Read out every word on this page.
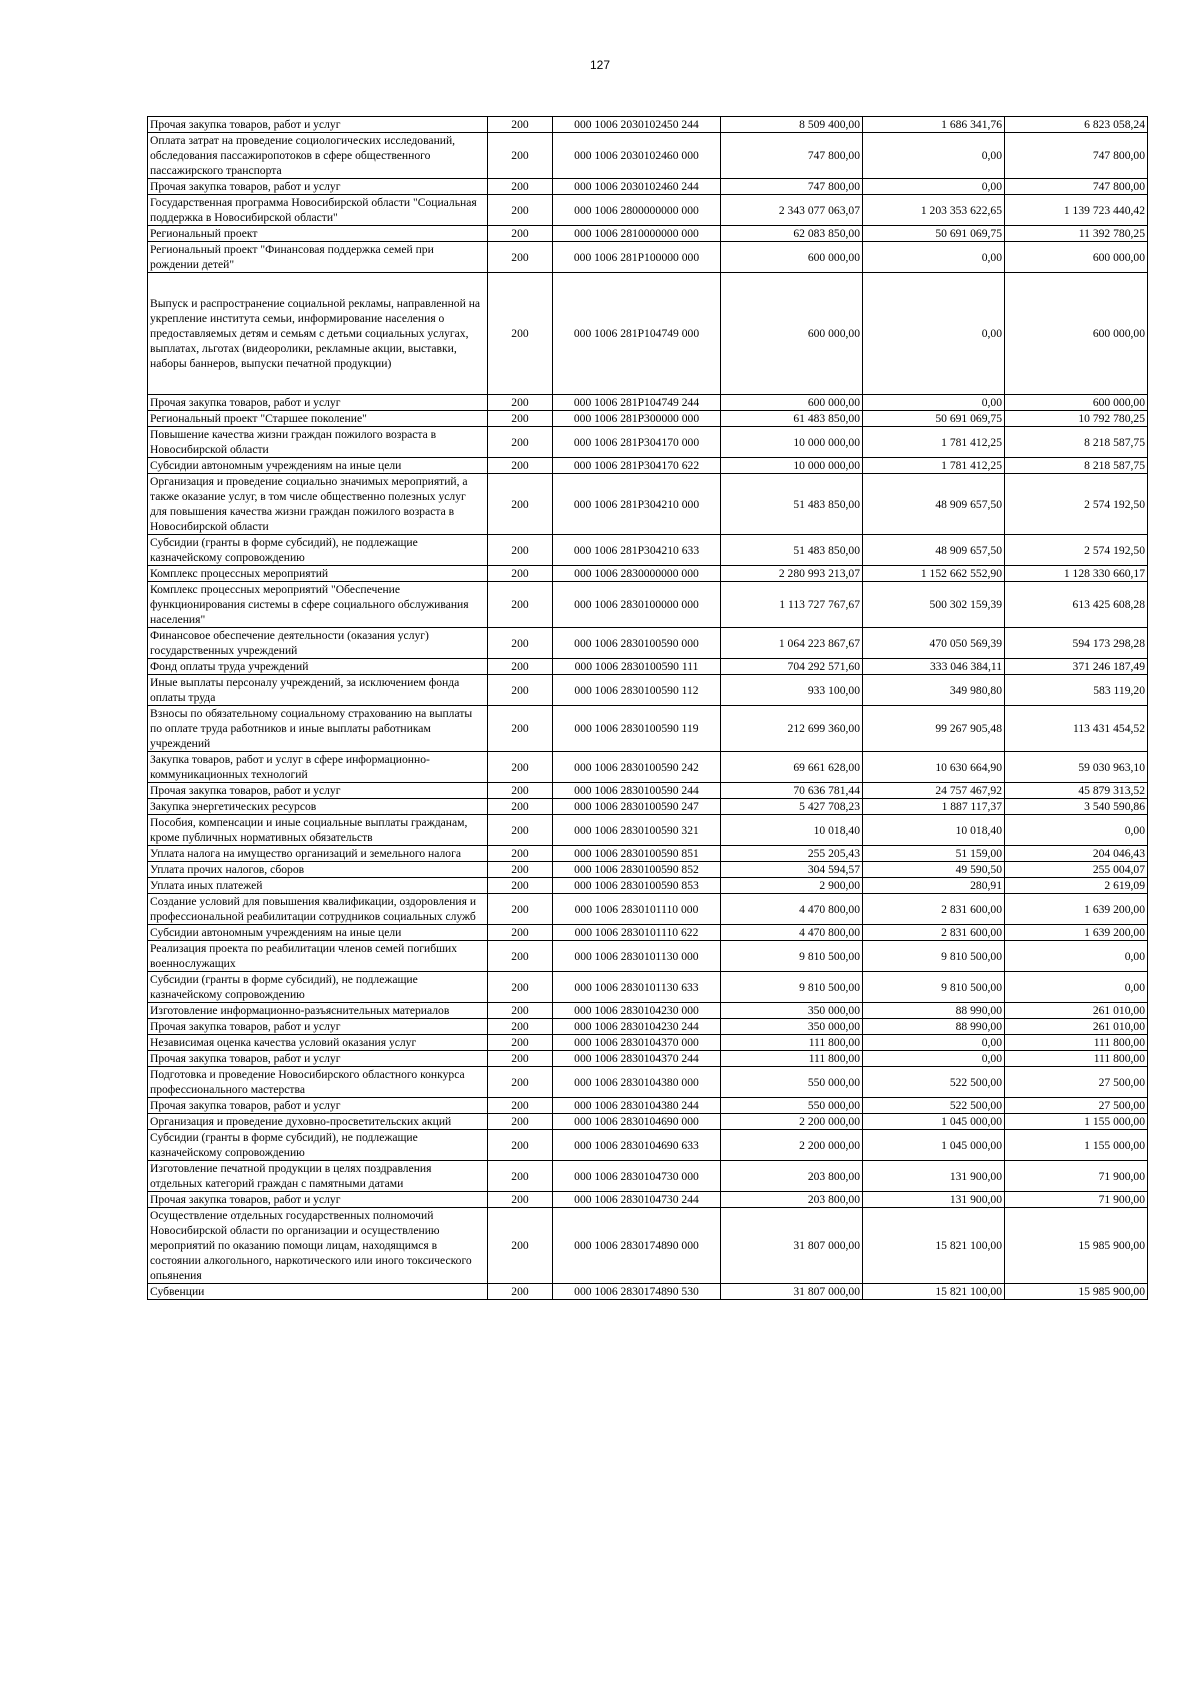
127
Прочая закупка товаров, работ и услуг	200	000 1006 2030102450 244	8 509 400,00	1 686 341,76	6 823 058,24
Оплата затрат на проведение социологических исследований, обследования пассажиропотоков в сфере общественного пассажирского транспорта	200	000 1006 2030102460 000	747 800,00	0,00	747 800,00
Прочая закупка товаров, работ и услуг	200	000 1006 2030102460 244	747 800,00	0,00	747 800,00
Государственная программа Новосибирской области "Социальная поддержка в Новосибирской области"	200	000 1006 2800000000 000	2 343 077 063,07	1 203 353 622,65	1 139 723 440,42
Региональный проект	200	000 1006 2810000000 000	62 083 850,00	50 691 069,75	11 392 780,25
Региональный проект "Финансовая поддержка семей при рождении детей"	200	000 1006 281P100000 000	600 000,00	0,00	600 000,00
Выпуск и распространение социальной рекламы, направленной на укрепление института семьи, информирование населения о предоставляемых детям и семьям с детьми социальных услугах, выплатах, льготах (видеоролики, рекламные акции, выставки, наборы баннеров, выпуски печатной продукции)	200	000 1006 281P104749 000	600 000,00	0,00	600 000,00
Прочая закупка товаров, работ и услуг	200	000 1006 281P104749 244	600 000,00	0,00	600 000,00
Региональный проект "Старшее поколение"	200	000 1006 281P300000 000	61 483 850,00	50 691 069,75	10 792 780,25
Повышение качества жизни граждан пожилого возраста в Новосибирской области	200	000 1006 281P304170 000	10 000 000,00	1 781 412,25	8 218 587,75
Субсидии автономным учреждениям на иные цели	200	000 1006 281P304170 622	10 000 000,00	1 781 412,25	8 218 587,75
Организация и проведение социально значимых мероприятий, а также оказание услуг, в том числе общественно полезных услуг для повышения качества жизни граждан пожилого возраста в Новосибирской области	200	000 1006 281P304210 000	51 483 850,00	48 909 657,50	2 574 192,50
Субсидии (гранты в форме субсидий), не подлежащие казначейскому сопровождению	200	000 1006 281P304210 633	51 483 850,00	48 909 657,50	2 574 192,50
Комплекс процессных мероприятий	200	000 1006 2830000000 000	2 280 993 213,07	1 152 662 552,90	1 128 330 660,17
Комплекс процессных мероприятий "Обеспечение функционирования системы в сфере социального обслуживания населения"	200	000 1006 2830100000 000	1 113 727 767,67	500 302 159,39	613 425 608,28
Финансовое обеспечение деятельности (оказания услуг) государственных учреждений	200	000 1006 2830100590 000	1 064 223 867,67	470 050 569,39	594 173 298,28
Фонд оплаты труда учреждений	200	000 1006 2830100590 111	704 292 571,60	333 046 384,11	371 246 187,49
Иные выплаты персоналу учреждений, за исключением фонда оплаты труда	200	000 1006 2830100590 112	933 100,00	349 980,80	583 119,20
Взносы по обязательному социальному страхованию на выплаты по оплате труда работников и иные выплаты работникам учреждений	200	000 1006 2830100590 119	212 699 360,00	99 267 905,48	113 431 454,52
Закупка товаров, работ и услуг в сфере информационно-коммуникационных технологий	200	000 1006 2830100590 242	69 661 628,00	10 630 664,90	59 030 963,10
Прочая закупка товаров, работ и услуг	200	000 1006 2830100590 244	70 636 781,44	24 757 467,92	45 879 313,52
Закупка энергетических ресурсов	200	000 1006 2830100590 247	5 427 708,23	1 887 117,37	3 540 590,86
Пособия, компенсации и иные социальные выплаты гражданам, кроме публичных нормативных обязательств	200	000 1006 2830100590 321	10 018,40	10 018,40	0,00
Уплата налога на имущество организаций и земельного налога	200	000 1006 2830100590 851	255 205,43	51 159,00	204 046,43
Уплата прочих налогов, сборов	200	000 1006 2830100590 852	304 594,57	49 590,50	255 004,07
Уплата иных платежей	200	000 1006 2830100590 853	2 900,00	280,91	2 619,09
Создание условий для повышения квалификации, оздоровления и профессиональной реабилитации сотрудников социальных служб	200	000 1006 2830101110 000	4 470 800,00	2 831 600,00	1 639 200,00
Субсидии автономным учреждениям на иные цели	200	000 1006 2830101110 622	4 470 800,00	2 831 600,00	1 639 200,00
Реализация проекта по реабилитации членов семей погибших военнослужащих	200	000 1006 2830101130 000	9 810 500,00	9 810 500,00	0,00
Субсидии (гранты в форме субсидий), не подлежащие казначейскому сопровождению	200	000 1006 2830101130 633	9 810 500,00	9 810 500,00	0,00
Изготовление информационно-разъяснительных материалов	200	000 1006 2830104230 000	350 000,00	88 990,00	261 010,00
Прочая закупка товаров, работ и услуг	200	000 1006 2830104230 244	350 000,00	88 990,00	261 010,00
Независимая оценка качества условий оказания услуг	200	000 1006 2830104370 000	111 800,00	0,00	111 800,00
Прочая закупка товаров, работ и услуг	200	000 1006 2830104370 244	111 800,00	0,00	111 800,00
Подготовка и проведение Новосибирского областного конкурса профессионального мастерства	200	000 1006 2830104380 000	550 000,00	522 500,00	27 500,00
Прочая закупка товаров, работ и услуг	200	000 1006 2830104380 244	550 000,00	522 500,00	27 500,00
Организация и проведение духовно-просветительских акций	200	000 1006 2830104690 000	2 200 000,00	1 045 000,00	1 155 000,00
Субсидии (гранты в форме субсидий), не подлежащие казначейскому сопровождению	200	000 1006 2830104690 633	2 200 000,00	1 045 000,00	1 155 000,00
Изготовление печатной продукции в целях поздравления отдельных категорий граждан с памятными датами	200	000 1006 2830104730 000	203 800,00	131 900,00	71 900,00
Прочая закупка товаров, работ и услуг	200	000 1006 2830104730 244	203 800,00	131 900,00	71 900,00
Осуществление отдельных государственных полномочий Новосибирской области по организации и осуществлению мероприятий по оказанию помощи лицам, находящимся в состоянии алкогольного, наркотического или иного токсического опьянения	200	000 1006 2830174890 000	31 807 000,00	15 821 100,00	15 985 900,00
Субвенции	200	000 1006 2830174890 530	31 807 000,00	15 821 100,00	15 985 900,00
